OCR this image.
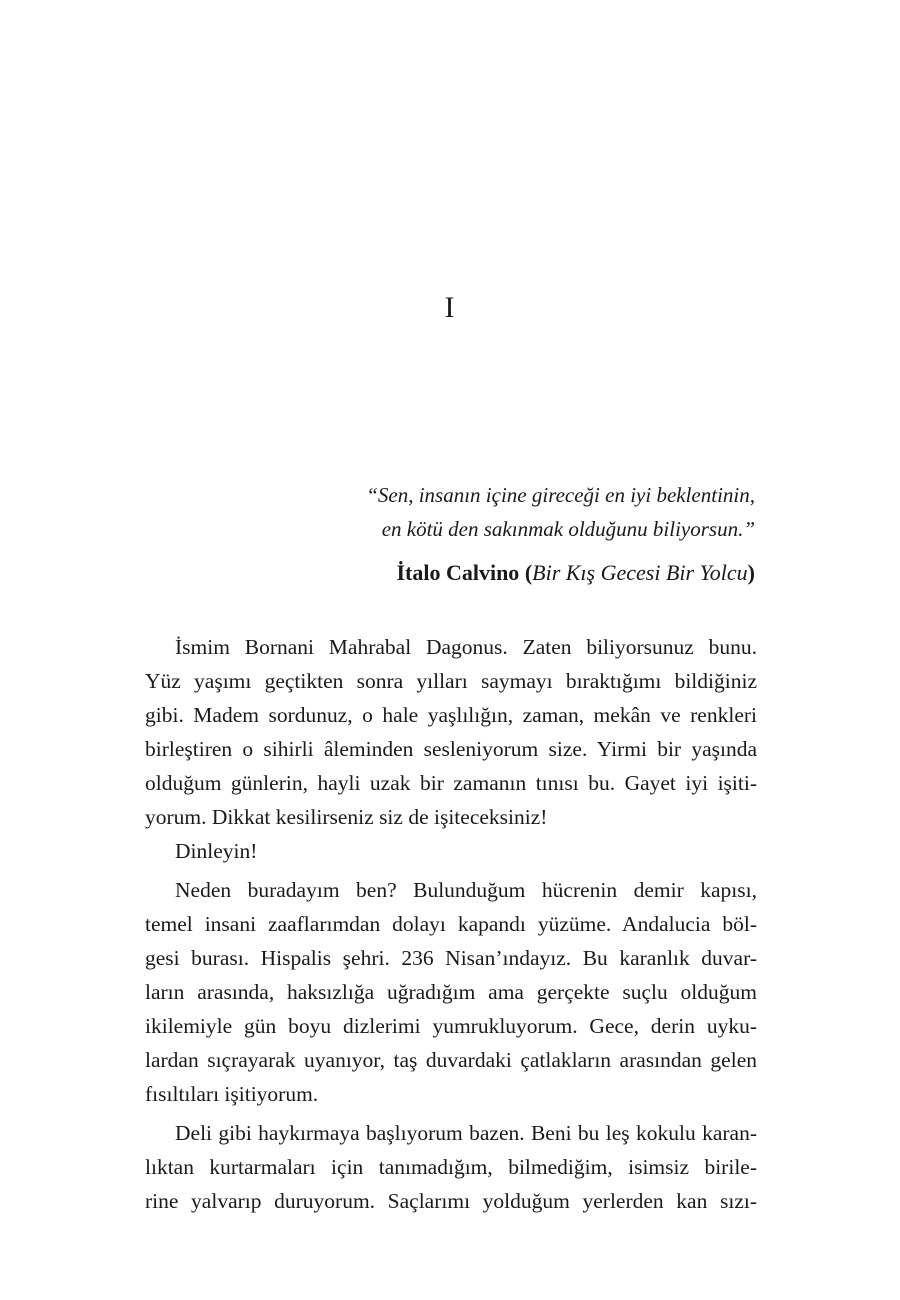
I
“Sen, insanın içine gireceği en iyi beklentinin,
en kötü den sakınmak olduğunu biliyorsun.”
İtalo Calvino (Bir Kış Gecesi Bir Yolcu)
İsmim Bornani Mahrabal Dagonus. Zaten biliyorsunuz bunu.
Yüz yaşımı geçtikten sonra yılları saymayı bıraktığımı bildiğiniz
gibi. Madem sordunuz, o hale yaşlılığın, zaman, mekân ve renkleri
birleştiren o sihirli âleminden sesleniyorum size. Yirmi bir yaşında
olduğum günlerin, hayli uzak bir zamanın tınısı bu. Gayet iyi işiti-
yorum. Dikkat kesilirseniz siz de işiteceksiniz!
Dinleyin!
Neden buradayım ben? Bulunduğum hücrenin demir kapısı,
temel insani zaaflarımdan dolayı kapandı yüzüme. Andalucia böl-
gesi burası. Hispalis şehri. 236 Nisan’ındayız. Bu karanlık duvar-
ların arasında, haksızlığa uğradığım ama gerçekte suçlu olduğum
ikilemiyle gün boyu dizlerimi yumrukluyorum. Gece, derin uyku-
lardan sıçrayarak uyanıyor, taş duvardaki çatlakların arasından gelen
fısıltıları işitiyorum.
Deli gibi haykırmaya başlıyorum bazen. Beni bu leş kokulu karan-
lıktan kurtarmaları için tanımadığım, bilmediğim, isimsiz birile-
rine yalvarıp duruyorum. Saçlarımı yolduğum yerlerden kan sızı-
